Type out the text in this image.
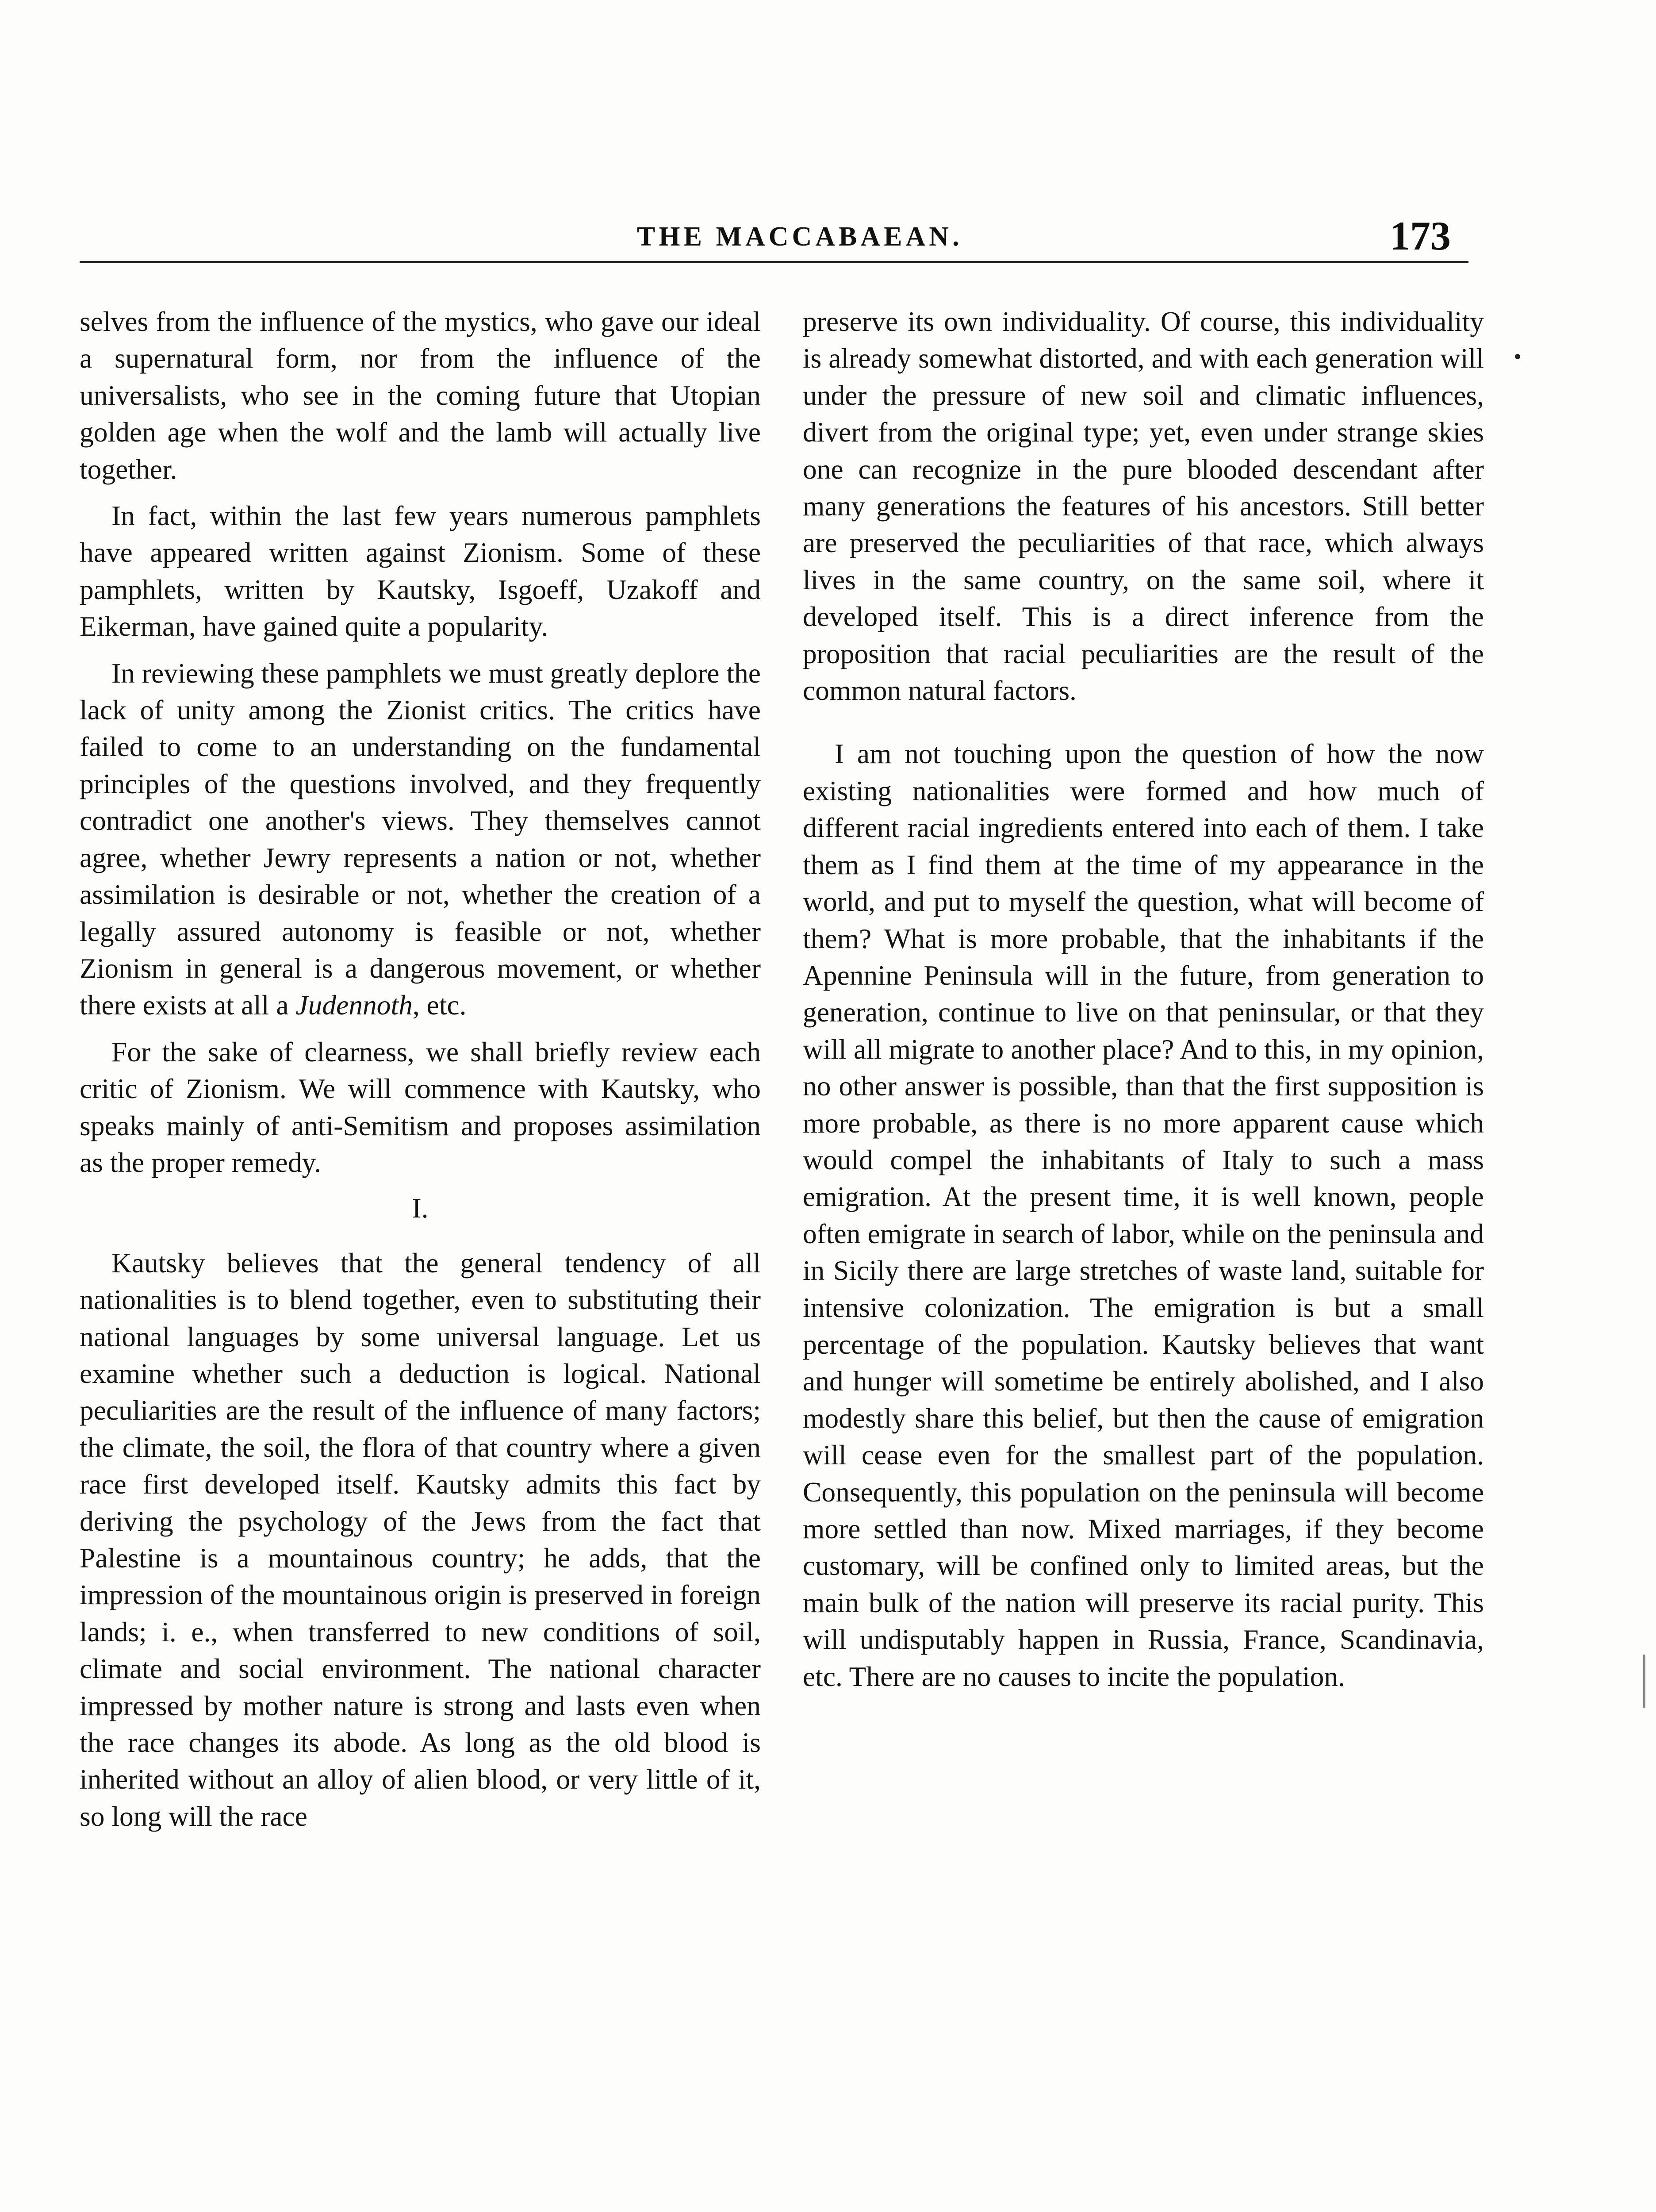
THE MACCABAEAN.	173

selves from the influence of the mystics, who gave our ideal a supernatural form, nor from the influence of the universalists, who see in the coming future that Utopian golden age when the wolf and the lamb will actually live together.

In fact, within the last few years numerous pamphlets have appeared written against Zionism. Some of these pamphlets, written by Kautsky, Isgoeff, Uzakoff and Eikerman, have gained quite a popularity.

In reviewing these pamphlets we must greatly deplore the lack of unity among the Zionist critics. The critics have failed to come to an understanding on the fundamental principles of the questions involved, and they frequently contradict one another's views. They themselves cannot agree, whether Jewry represents a nation or not, whether assimilation is desirable or not, whether the creation of a legally assured autonomy is feasible or not, whether Zionism in general is a dangerous movement, or whether there exists at all a Judennoth, etc.

For the sake of clearness, we shall briefly review each critic of Zionism. We will commence with Kautsky, who speaks mainly of anti-Semitism and proposes assimilation as the proper remedy.

I.

Kautsky believes that the general tendency of all nationalities is to blend together, even to substituting their national languages by some universal language. Let us examine whether such a deduction is logical. National peculiarities are the result of the influence of many factors; the climate, the soil, the flora of that country where a given race first developed itself. Kautsky admits this fact by deriving the psychology of the Jews from the fact that Palestine is a mountainous country; he adds, that the impression of the mountainous origin is preserved in foreign lands; i. e., when transferred to new conditions of soil, climate and social environment. The national character impressed by mother nature is strong and lasts even when the race changes its abode. As long as the old blood is inherited without an alloy of alien blood, or very little of it, so long will the race

preserve its own individuality. Of course, this individuality is already somewhat distorted, and with each generation will under the pressure of new soil and climatic influences, divert from the original type; yet, even under strange skies one can recognize in the pure blooded descendant after many generations the features of his ancestors. Still better are preserved the peculiarities of that race, which always lives in the same country, on the same soil, where it developed itself. This is a direct inference from the proposition that racial peculiarities are the result of the common natural factors.

I am not touching upon the question of how the now existing nationalities were formed and how much of different racial ingredients entered into each of them. I take them as I find them at the time of my appearance in the world, and put to myself the question, what will become of them? What is more probable, that the inhabitants if the Apennine Peninsula will in the future, from generation to generation, continue to live on that peninsular, or that they will all migrate to another place? And to this, in my opinion, no other answer is possible, than that the first supposition is more probable, as there is no more apparent cause which would compel the inhabitants of Italy to such a mass emigration. At the present time, it is well known, people often emigrate in search of labor, while on the peninsula and in Sicily there are large stretches of waste land, suitable for intensive colonization. The emigration is but a small percentage of the population. Kautsky believes that want and hunger will sometime be entirely abolished, and I also modestly share this belief, but then the cause of emigration will cease even for the smallest part of the population. Consequently, this population on the peninsula will become more settled than now. Mixed marriages, if they become customary, will be confined only to limited areas, but the main bulk of the nation will preserve its racial purity. This will undisputably happen in Russia, France, Scandinavia, etc. There are no causes to incite the population.
